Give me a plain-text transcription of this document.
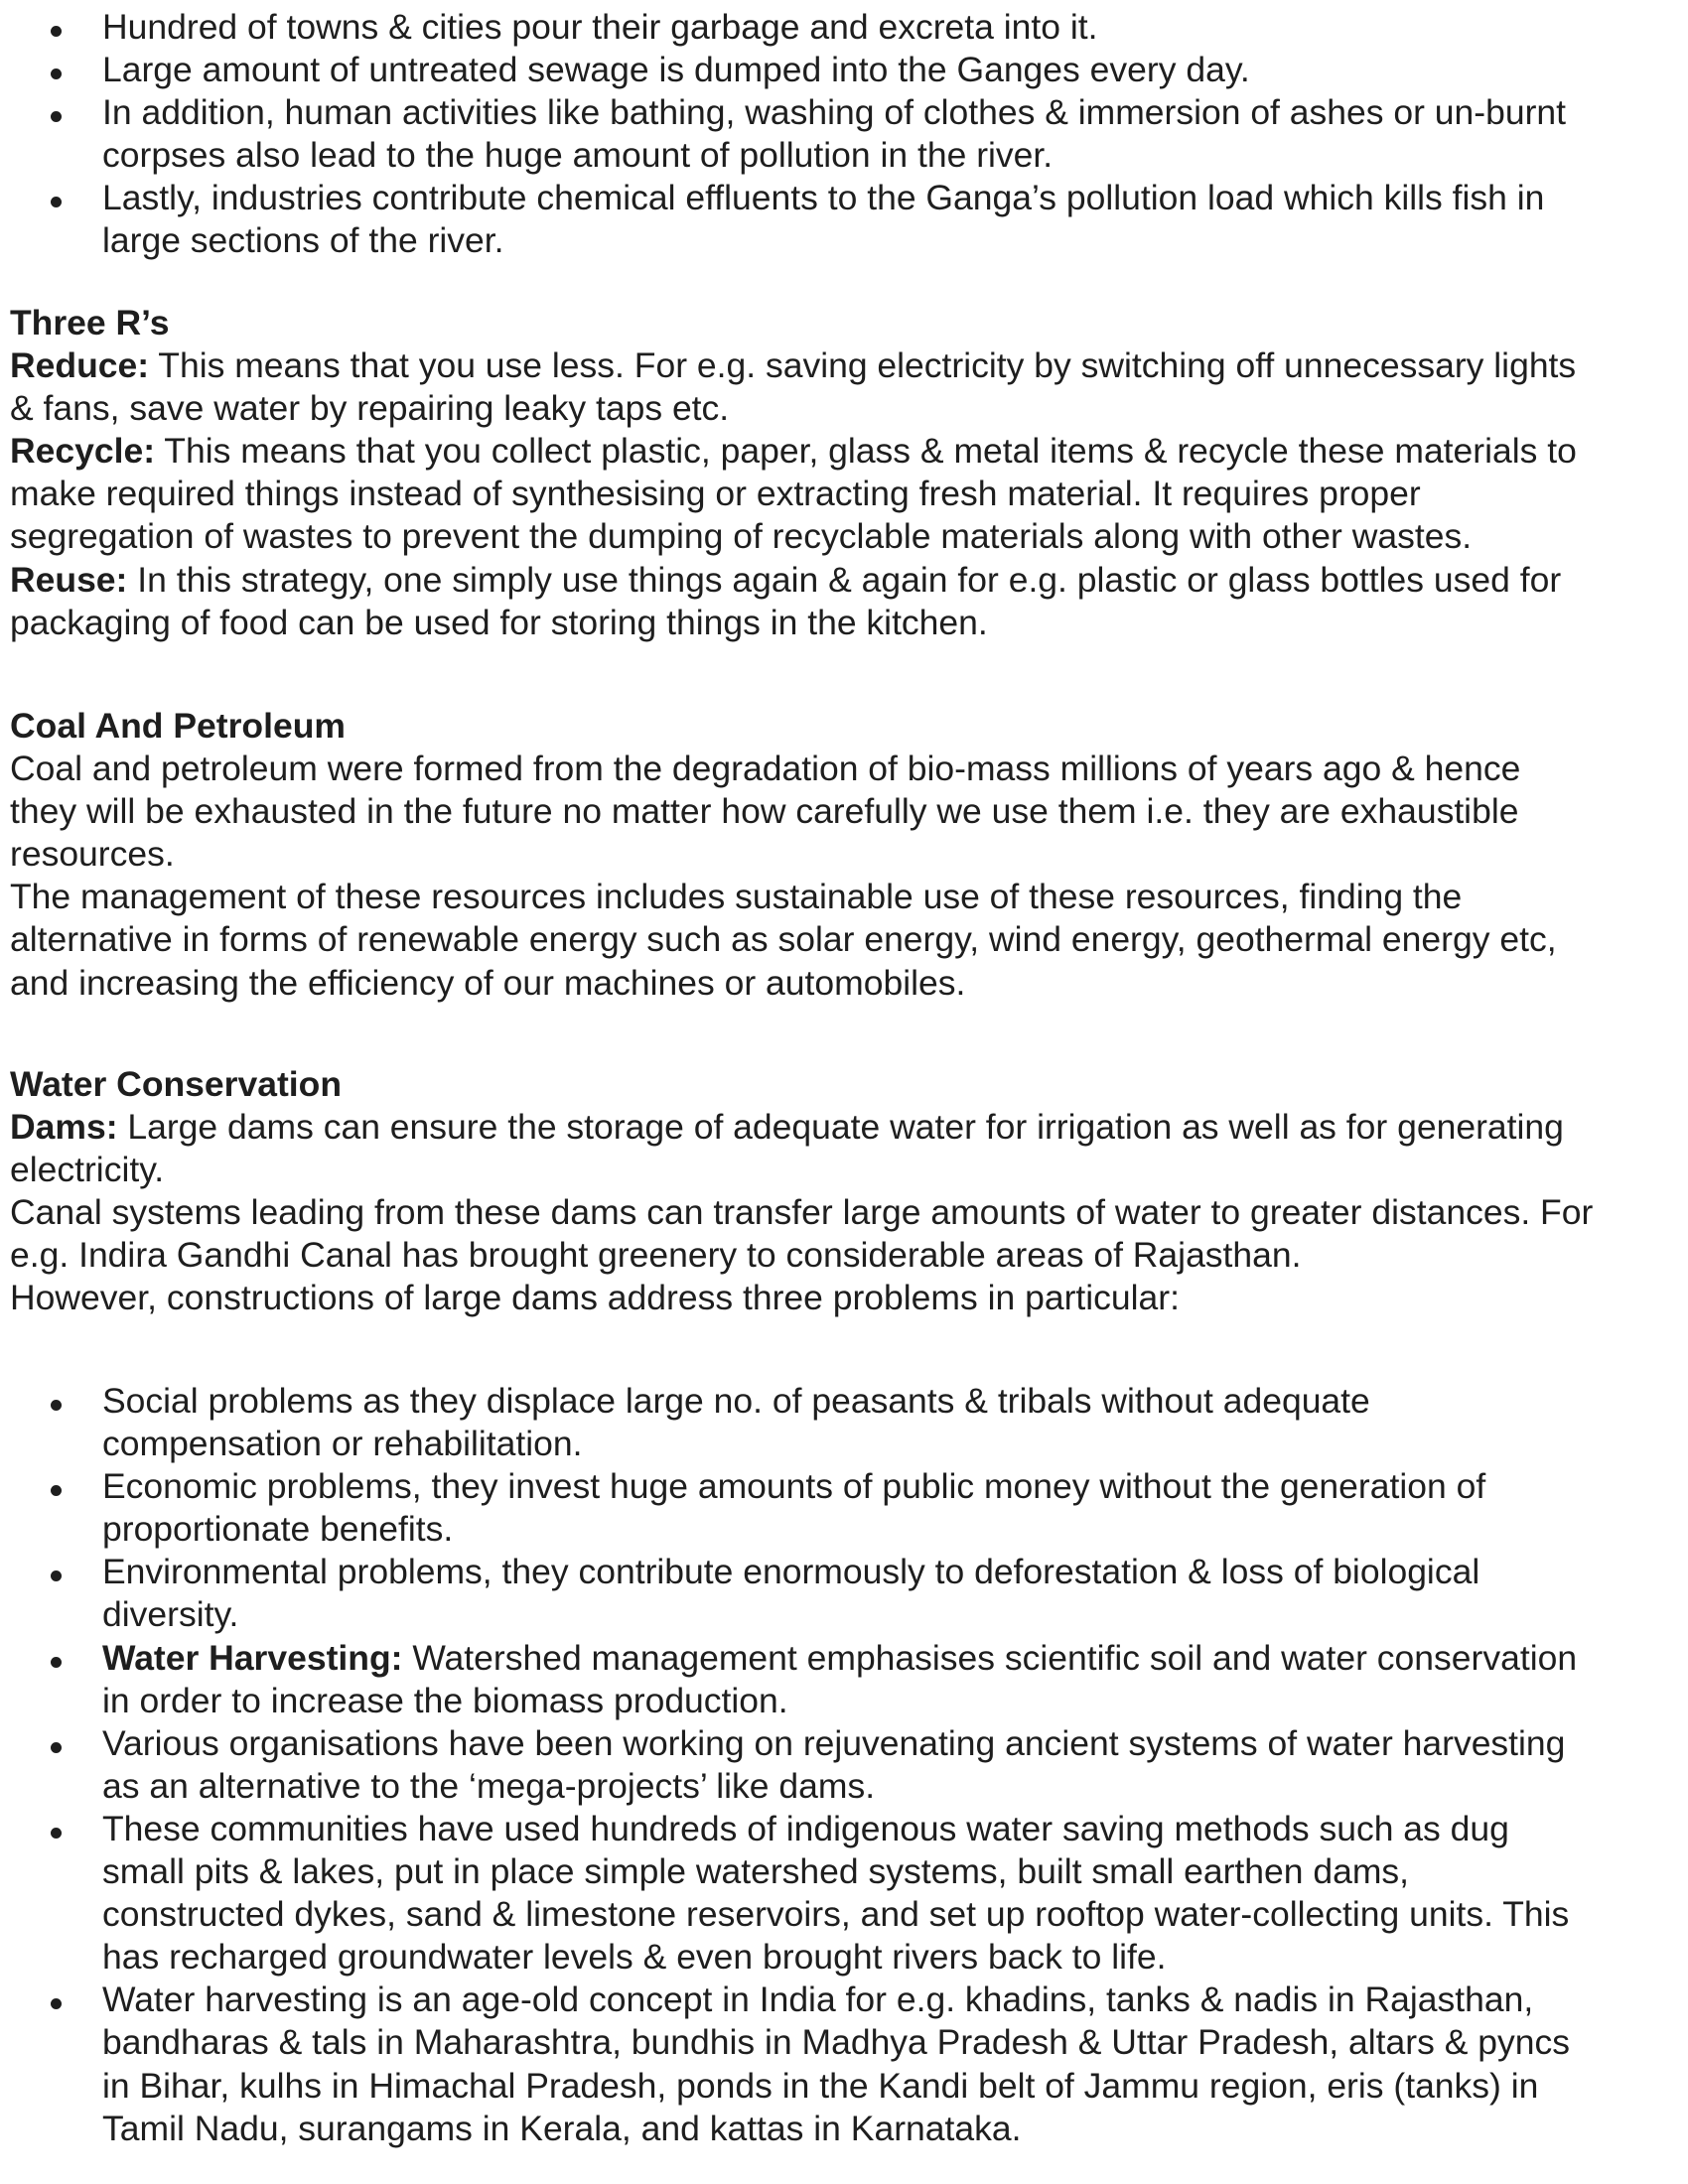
Hundred of towns & cities pour their garbage and excreta into it.
Large amount of untreated sewage is dumped into the Ganges every day.
In addition, human activities like bathing, washing of clothes & immersion of ashes or un-burnt
corpses also lead to the huge amount of pollution in the river.
Lastly, industries contribute chemical effluents to the Ganga’s pollution load which kills fish in
large sections of the river.
Three R’s
Reduce: This means that you use less. For e.g. saving electricity by switching off unnecessary lights
& fans, save water by repairing leaky taps etc.
Recycle: This means that you collect plastic, paper, glass & metal items & recycle these materials to
make required things instead of synthesising or extracting fresh material. It requires proper
segregation of wastes to prevent the dumping of recyclable materials along with other wastes.
Reuse: In this strategy, one simply use things again & again for e.g. plastic or glass bottles used for
packaging of food can be used for storing things in the kitchen.
Coal And Petroleum
Coal and petroleum were formed from the degradation of bio-mass millions of years ago & hence
they will be exhausted in the future no matter how carefully we use them i.e. they are exhaustible
resources.
The management of these resources includes sustainable use of these resources, finding the
alternative in forms of renewable energy such as solar energy, wind energy, geothermal energy etc,
and increasing the efficiency of our machines or automobiles.
Water Conservation
Dams: Large dams can ensure the storage of adequate water for irrigation as well as for generating
electricity.
Canal systems leading from these dams can transfer large amounts of water to greater distances. For
e.g. Indira Gandhi Canal has brought greenery to considerable areas of Rajasthan.
However, constructions of large dams address three problems in particular:
Social problems as they displace large no. of peasants & tribals without adequate
compensation or rehabilitation.
Economic problems, they invest huge amounts of public money without the generation of
proportionate benefits.
Environmental problems, they contribute enormously to deforestation & loss of biological
diversity.
Water Harvesting: Watershed management emphasises scientific soil and water conservation
in order to increase the biomass production.
Various organisations have been working on rejuvenating ancient systems of water harvesting
as an alternative to the ‘mega-projects’ like dams.
These communities have used hundreds of indigenous water saving methods such as dug
small pits & lakes, put in place simple watershed systems, built small earthen dams,
constructed dykes, sand & limestone reservoirs, and set up rooftop water-collecting units. This
has recharged groundwater levels & even brought rivers back to life.
Water harvesting is an age-old concept in India for e.g. khadins, tanks & nadis in Rajasthan,
bandharas & tals in Maharashtra, bundhis in Madhya Pradesh & Uttar Pradesh, altars & pyncs
in Bihar, kulhs in Himachal Pradesh, ponds in the Kandi belt of Jammu region, eris (tanks) in
Tamil Nadu, surangams in Kerala, and kattas in Karnataka.
